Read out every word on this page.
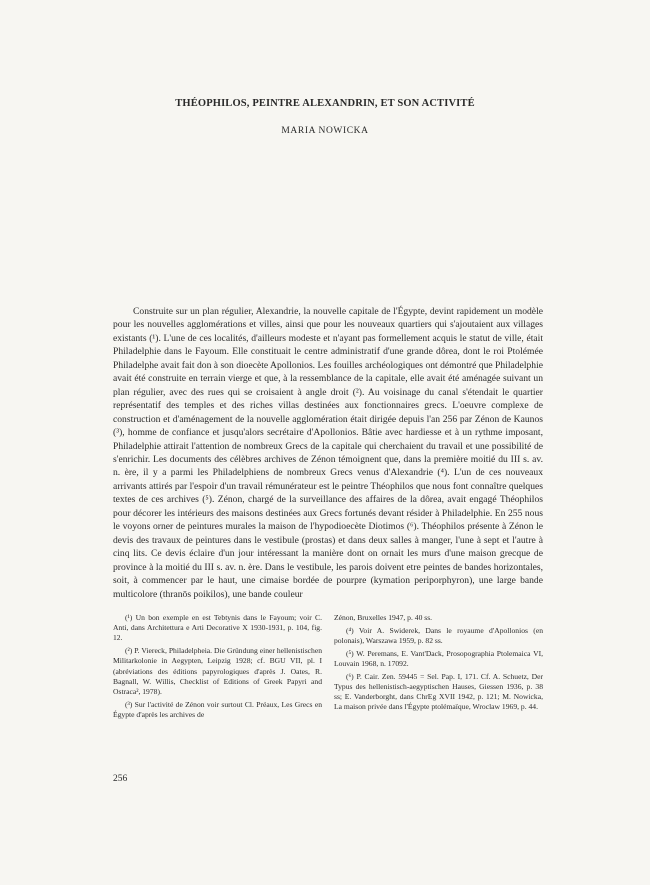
THÉOPHILOS, PEINTRE ALEXANDRIN, ET SON ACTIVITÉ
MARIA NOWICKA

Construite sur un plan régulier, Alexandrie, la nouvelle capitale de l'Égypte, devint rapidement un modèle pour les nouvelles agglomérations et villes, ainsi que pour les nouveaux quartiers qui s'ajoutaient aux villages existants (¹). L'une de ces localités, d'ailleurs modeste et n'ayant pas formellement acquis le statut de ville, était Philadelphie dans le Fayoum. Elle constituait le centre administratif d'une grande dôrea, dont le roi Ptolémée Philadelphe avait fait don à son dioecète Apollonios. Les fouilles archéologiques ont démontré que Philadelphie avait été construite en terrain vierge et que, à la ressemblance de la capitale, elle avait été aménagée suivant un plan régulier, avec des rues qui se croisaient à angle droit (²). Au voisinage du canal s'étendait le quartier représentatif des temples et des riches villas destinées aux fonctionnaires grecs. L'oeuvre complexe de construction et d'aménagement de la nouvelle agglomération était dirigée depuis l'an 256 par Zénon de Kaunos (³), homme de confiance et jusqu'alors secrétaire d'Apollonios. Bâtie avec hardiesse et à un rythme imposant, Philadelphie attirait l'attention de nombreux Grecs de la capitale qui cherchaient du travail et une possibilité de s'enrichir. Les documents des célèbres archives de Zénon témoignent que, dans la première moitié du III s. av. n. ère, il y a parmi les Philadelphiens de nombreux Grecs venus d'Alexandrie (⁴). L'un de ces nouveaux arrivants attirés par l'espoir d'un travail rémunérateur est le peintre Théophilos que nous font connaître quelques textes de ces archives (⁵). Zénon, chargé de la surveillance des affaires de la dôrea, avait engagé Théophilos pour décorer les intérieurs des maisons destinées aux Grecs fortunés devant résider à Philadelphie. En 255 nous le voyons orner de peintures murales la maison de l'hypodioecète Diotimos (⁶). Théophilos présente à Zénon le devis des travaux de peintures dans le vestibule (prostas) et dans deux salles à manger, l'une à sept et l'autre à cinq lits. Ce devis éclaire d'un jour intéressant la manière dont on ornait les murs d'une maison grecque de province à la moitié du III s. av. n. ère. Dans le vestibule, les parois doivent etre peintes de bandes horizontales, soit, à commencer par le haut, une cimaise bordée de pourpre (kymation periporphyron), une large bande multicolore (thranōs poikilos), une bande couleur

(¹) Un bon exemple en est Tebtynis dans le Fayoum; voir C. Anti, dans Architettura e Arti Decorative X 1930-1931, p. 104, fig. 12.

(²) P. Viereck, Philadelpheia. Die Gründung einer hellenistischen Militarkolonie in Aegypten, Leipzig 1928; cf. BGU VII, pl. I (abréviations des éditions papyrologiques d'après J. Oates, R. Bagnall, W. Willis, Checklist of Editions of Greek Papyri and Ostraca², 1978).

(³) Sur l'activité de Zénon voir surtout Cl. Préaux, Les Grecs en Égypte d'après les archives de

Zénon, Bruxelles 1947, p. 40 ss.

(⁴) Voir A. Swiderek, Dans le royaume d'Apollonios (en polonais), Warszawa 1959, p. 82 ss.

(⁵) W. Peremans, E. Vant'Dack, Prosopographia Ptolemaica VI, Louvain 1968, n. 17092.

(⁶) P. Cair. Zen. 59445 = Sel. Pap. I, 171. Cf. A. Schuetz, Der Typus des hellenistisch-aegyptischen Hauses, Giessen 1936, p. 38 ss; E. Vanderborght, dans ChrEg XVII 1942, p. 121; M. Nowicka, La maison privée dans l'Égypte ptolémaïque, Wroclaw 1969, p. 44.

256
